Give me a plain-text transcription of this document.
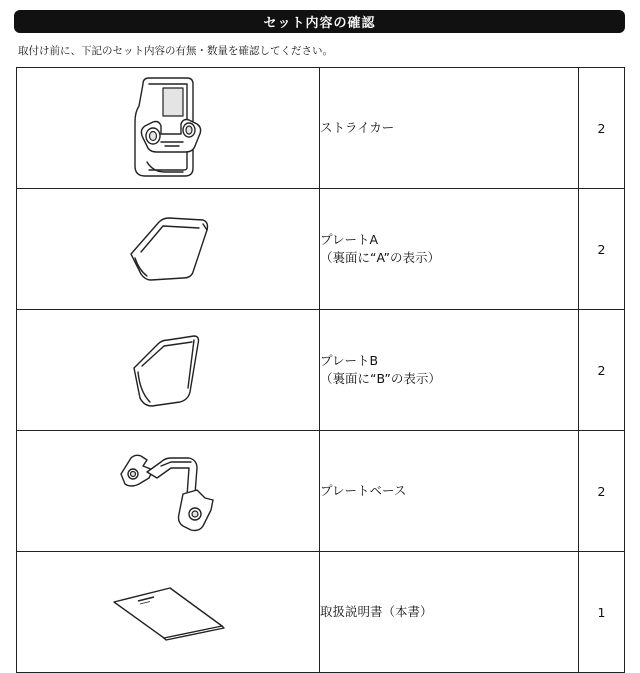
セット内容の確認
取付け前に、下記のセット内容の有無・数量を確認してください。

ストライカー	2

プレートA
（裏面に“A”の表示）	2

プレートB
（裏面に“B”の表示）	2

プレートベース	2

取扱説明書（本書）	1
